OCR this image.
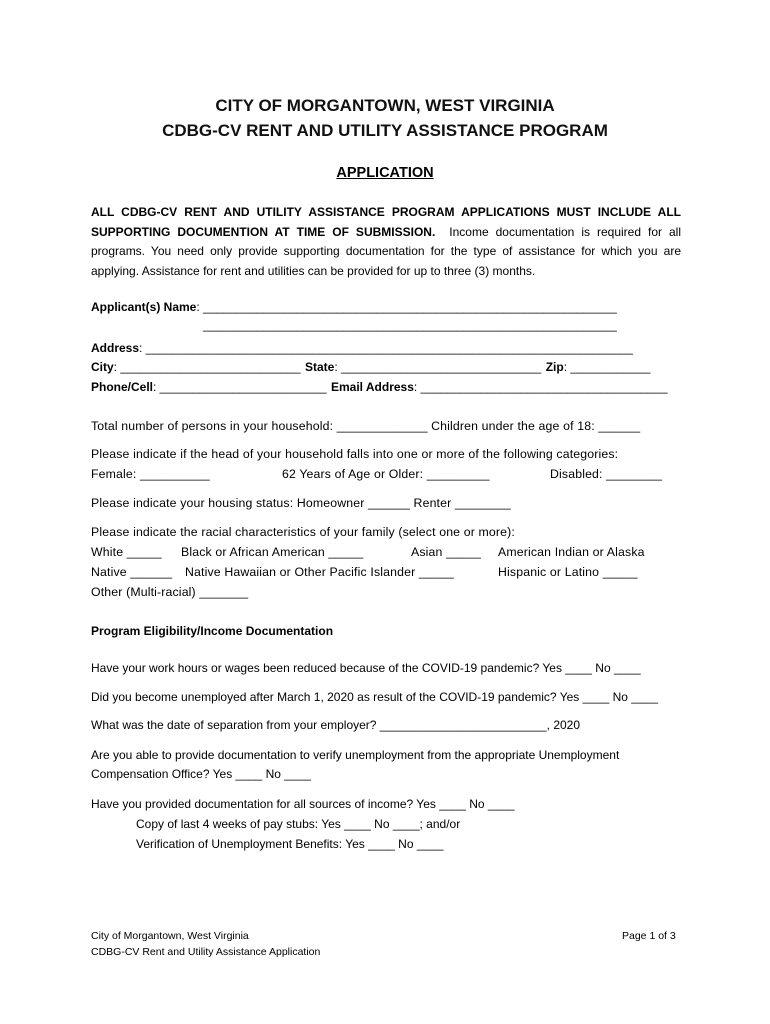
CITY OF MORGANTOWN, WEST VIRGINIA
CDBG-CV RENT AND UTILITY ASSISTANCE PROGRAM
APPLICATION
ALL CDBG-CV RENT AND UTILITY ASSISTANCE PROGRAM APPLICATIONS MUST INCLUDE ALL SUPPORTING DOCUMENTION AT TIME OF SUBMISSION. Income documentation is required for all programs. You need only provide supporting documentation for the type of assistance for which you are applying. Assistance for rent and utilities can be provided for up to three (3) months.
Applicant(s) Name: ______________________________________________________________
______________________________________________________________
Address: _________________________________________________________________________
City: ___________________________ State: ______________________________ Zip: ____________
Phone/Cell: _________________________ Email Address: _____________________________________
Total number of persons in your household: _____________ Children under the age of 18: ______
Please indicate if the head of your household falls into one or more of the following categories:
Female: __________	62 Years of Age or Older: _________	Disabled: ________
Please indicate your housing status: Homeowner ______ Renter ________
Please indicate the racial characteristics of your family (select one or more):
White _____ Black or African American _____	Asian _____ American Indian or Alaska
Native ______ Native Hawaiian or Other Pacific Islander _____	Hispanic or Latino _____
Other (Multi-racial) _______
Program Eligibility/Income Documentation
Have your work hours or wages been reduced because of the COVID-19 pandemic? Yes ____ No ____
Did you become unemployed after March 1, 2020 as result of the COVID-19 pandemic? Yes ____ No ____
What was the date of separation from your employer? _________________________, 2020
Are you able to provide documentation to verify unemployment from the appropriate Unemployment
Compensation Office? Yes ____ No ____
Have you provided documentation for all sources of income? Yes ____ No ____
Copy of last 4 weeks of pay stubs: Yes ____ No ____; and/or
Verification of Unemployment Benefits: Yes ____ No ____
City of Morgantown, West Virginia
CDBG-CV Rent and Utility Assistance Application
Page 1 of 3
